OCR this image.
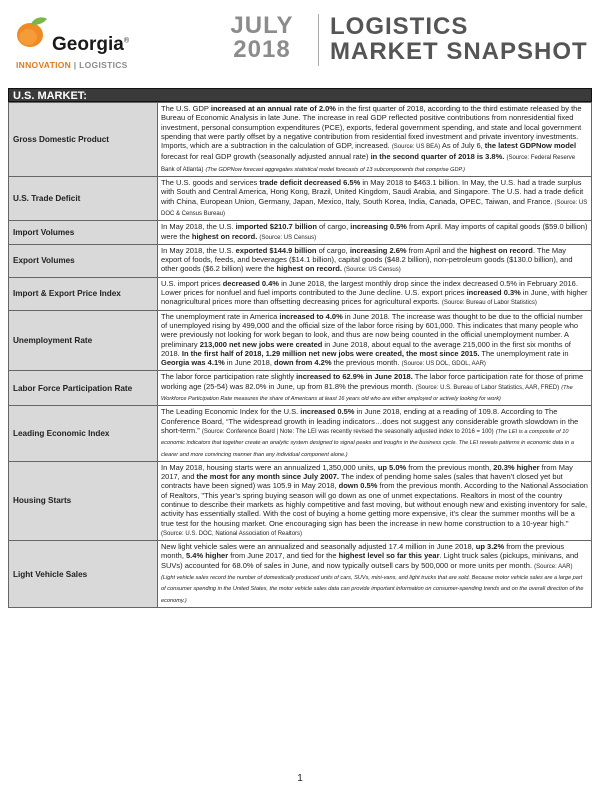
Georgia®
INNOVATION | LOGISTICS
JULY
2018
LOGISTICS
MARKET SNAPSHOT
U.S. MARKET:
Gross Domestic Product	The U.S. GDP increased at an annual rate of 2.0% in the first quarter of 2018, according to the third estimate released by the Bureau of Economic Analysis in late June. The increase in real GDP reflected positive contributions from nonresidential fixed investment, personal consumption expenditures (PCE), exports, federal government spending, and state and local government spending that were partly offset by a negative contribution from residential fixed investment and private inventory investments. Imports, which are a subtraction in the calculation of GDP, increased. (Source: US BEA) As of July 6, the latest GDPNow model forecast for real GDP growth (seasonally adjusted annual rate) in the second quarter of 2018 is 3.8%. (Source: Federal Reserve Bank of Atlanta) (The GDPNow forecast aggregates statistical model forecasts of 13 subcomponents that comprise GDP.)
U.S. Trade Deficit	The U.S. goods and services trade deficit decreased 6.5% in May 2018 to $463.1 billion. In May, the U.S. had a trade surplus with South and Central America, Hong Kong, Brazil, United Kingdom, Saudi Arabia, and Singapore. The U.S. had a trade deficit with China, European Union, Germany, Japan, Mexico, Italy, South Korea, India, Canada, OPEC, Taiwan, and France. (Source: US DOC & Census Bureau)
Import Volumes	In May 2018, the U.S. imported $210.7 billion of cargo, increasing 0.5% from April. May imports of capital goods ($59.0 billion) were the highest on record. (Source: US Census)
Export Volumes	In May 2018, the U.S. exported $144.9 billion of cargo, increasing 2.6% from April and the highest on record. The May export of foods, feeds, and beverages ($14.1 billion), capital goods ($48.2 billion), non-petroleum goods ($130.0 billion), and other goods ($6.2 billion) were the highest on record. (Source: US Census)
Import & Export Price Index	U.S. import prices decreased 0.4% in June 2018, the largest monthly drop since the index decreased 0.5% in February 2016. Lower prices for nonfuel and fuel imports contributed to the June decline. U.S. export prices increased 0.3% in June, with higher nonagricultural prices more than offsetting decreasing prices for agricultural exports. (Source: Bureau of Labor Statistics)
Unemployment Rate	The unemployment rate in America increased to 4.0% in June 2018. The increase was thought to be due to the official number of unemployed rising by 499,000 and the official size of the labor force rising by 601,000. This indicates that many people who were previously not looking for work began to look, and thus are now being counted in the official unemployment number. A preliminary 213,000 net new jobs were created in June 2018, about equal to the average 215,000 in the first six months of 2018. In the first half of 2018, 1.29 million net new jobs were created, the most since 2015. The unemployment rate in Georgia was 4.1% in June 2018, down from 4.2% the previous month. (Source: US DOL, GDOL, AAR)
Labor Force Participation Rate	The labor force participation rate slightly increased to 62.9% in June 2018. The labor force participation rate for those of prime working age (25-54) was 82.0% in June, up from 81.8% the previous month. (Source: U.S. Bureau of Labor Statistics, AAR, FRED) (The Workforce Participation Rate measures the share of Americans at least 16 years old who are either employed or actively looking for work)
Leading Economic Index	The Leading Economic Index for the U.S. increased 0.5% in June 2018, ending at a reading of 109.8. According to The Conference Board, “The widespread growth in leading indicators…does not suggest any considerable growth slowdown in the short-term.” (Source: Conference Board | Note: The LEI was recently revised the seasonally adjusted index to 2016 = 100) (The LEI is a composite of 10 economic indicators that together create an analytic system designed to signal peaks and troughs in the business cycle. The LEI reveals patterns in economic data in a clearer and more convincing manner than any individual component alone.)
Housing Starts	In May 2018, housing starts were an annualized 1,350,000 units, up 5.0% from the previous month, 20.3% higher from May 2017, and the most for any month since July 2007. The index of pending home sales (sales that haven’t closed yet but contracts have been signed) was 105.9 in May 2018, down 0.5% from the previous month. According to the National Association of Realtors, "This year’s spring buying season will go down as one of unmet expectations. Realtors in most of the country continue to describe their markets as highly competitive and fast moving, but without enough new and existing inventory for sale, activity has essentially stalled. With the cost of buying a home getting more expensive, it’s clear the summer months will be a true test for the housing market. One encouraging sign has been the increase in new home construction to a 10-year high." (Source: U.S. DOC, National Association of Realtors)
Light Vehicle Sales	New light vehicle sales were an annualized and seasonally adjusted 17.4 million in June 2018, up 3.2% from the previous month, 5.4% higher from June 2017, and tied for the highest level so far this year. Light truck sales (pickups, minivans, and SUVs) accounted for 68.0% of sales in June, and now typically outsell cars by 500,000 or more units per month. (Source: AAR) (Light vehicle sales record the number of domestically produced units of cars, SUVs, mini-vans, and light trucks that are sold. Because motor vehicle sales are a large part of consumer spending in the United States, the motor vehicle sales data can provide important information on consumer-spending trends and on the overall direction of the economy.)
1
